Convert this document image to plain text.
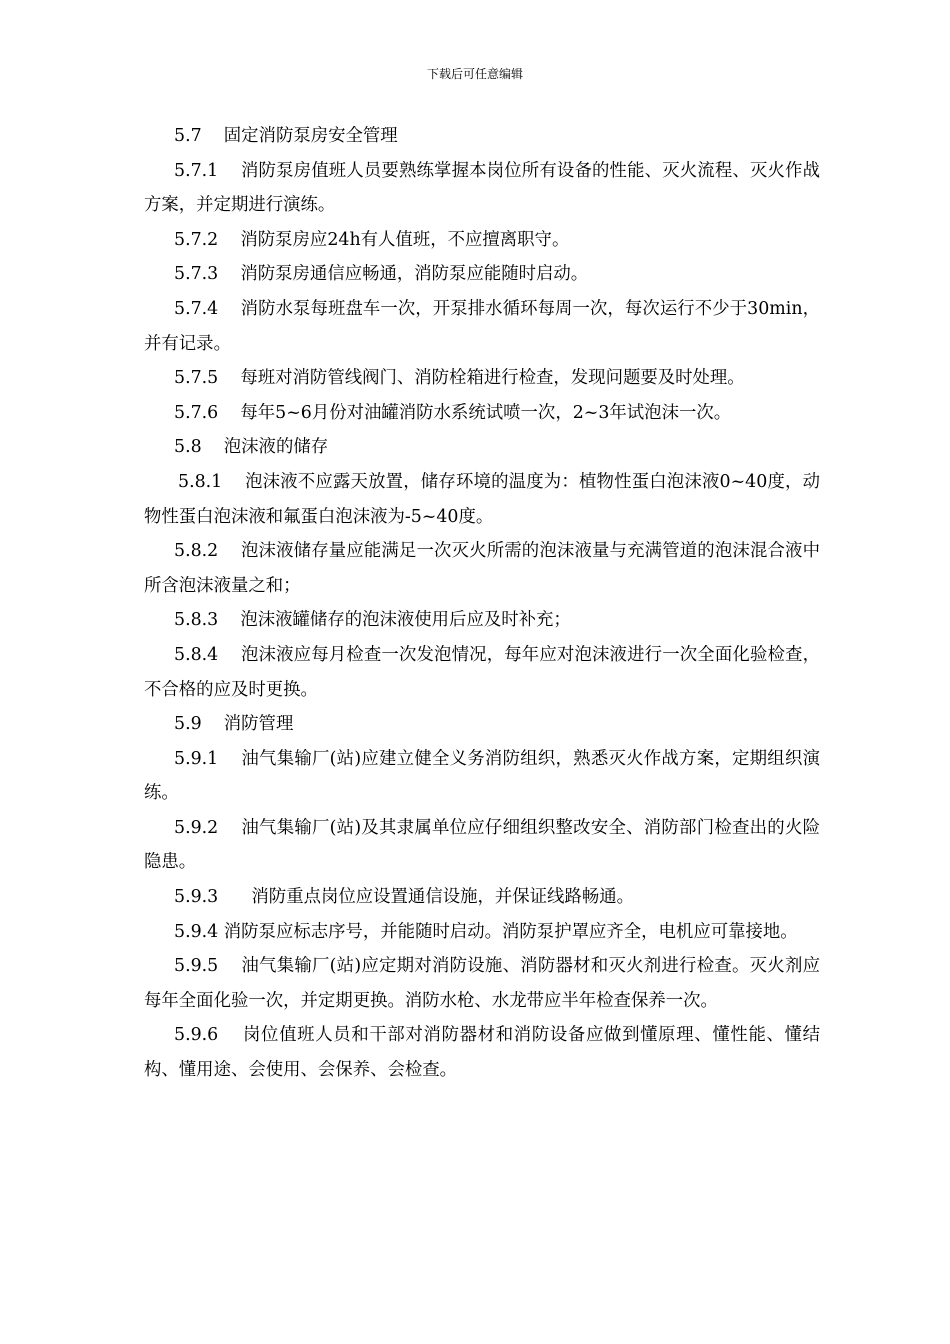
下载后可任意编辑

5.7    固定消防泵房安全管理

5.7.1    消防泵房值班人员要熟练掌握本岗位所有设备的性能、灭火流程、灭火作战方案，并定期进行演练。

5.7.2    消防泵房应24h有人值班，不应擅离职守。

5.7.3    消防泵房通信应畅通，消防泵应能随时启动。

5.7.4    消防水泵每班盘车一次，开泵排水循环每周一次，每次运行不少于30min，并有记录。

5.7.5    每班对消防管线阀门、消防栓箱进行检查，发现问题要及时处理。

5.7.6    每年5~6月份对油罐消防水系统试喷一次，2~3年试泡沫一次。

5.8    泡沫液的储存

5.8.1    泡沫液不应露天放置，储存环境的温度为：植物性蛋白泡沫液0~40度，动物性蛋白泡沫液和氟蛋白泡沫液为-5~40度。

5.8.2    泡沫液储存量应能满足一次灭火所需的泡沫液量与充满管道的泡沫混合液中所含泡沫液量之和；

5.8.3    泡沫液罐储存的泡沫液使用后应及时补充；

5.8.4    泡沫液应每月检查一次发泡情况，每年应对泡沫液进行一次全面化验检查，不合格的应及时更换。

5.9    消防管理

5.9.1    油气集输厂(站)应建立健全义务消防组织，熟悉灭火作战方案，定期组织演练。

5.9.2    油气集输厂(站)及其隶属单位应仔细组织整改安全、消防部门检查出的火险隐患。

5.9.3      消防重点岗位应设置通信设施，并保证线路畅通。

5.9.4 消防泵应标志序号，并能随时启动。消防泵护罩应齐全，电机应可靠接地。

5.9.5    油气集输厂(站)应定期对消防设施、消防器材和灭火剂进行检查。灭火剂应每年全面化验一次，并定期更换。消防水枪、水龙带应半年检查保养一次。

5.9.6    岗位值班人员和干部对消防器材和消防设备应做到懂原理、懂性能、懂结构、懂用途、会使用、会保养、会检查。
